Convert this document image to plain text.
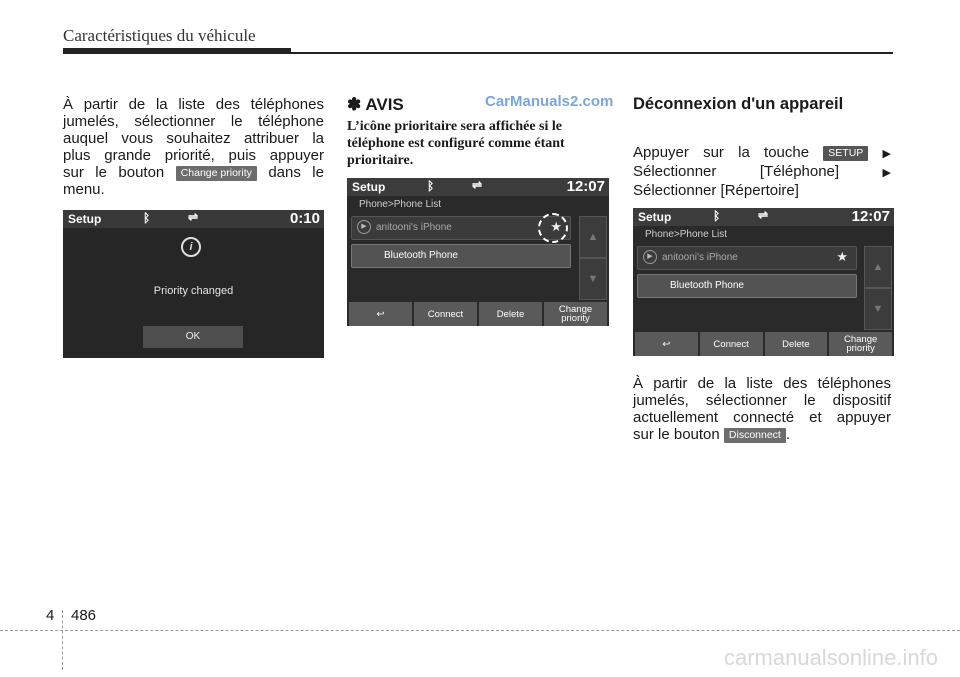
Caractéristiques du véhicule
À partir de la liste des téléphones
jumelés, sélectionner le téléphone
auquel vous souhaitez attribuer la
plus grande priorité, puis appuyer
sur le bouton Change priority dans le
menu.
Setup	ᛒ	⇌	0:10
i
Priority changed
OK
✽ AVIS	CarManuals2.com
L’icône prioritaire sera affichée si le téléphone est configuré comme étant prioritaire.
Setup	ᛒ	⇌	12:07
Phone>Phone List
▶ anitooni's iPhone	★
Bluetooth Phone
▲
▼
↩	Connect	Delete	Change priority
Déconnexion d'un appareil
Appuyer sur la touche SETUP ▶
Sélectionner [Téléphone]	▶
Sélectionner [Répertoire]
Setup	ᛒ	⇌	12:07
Phone>Phone List
▶ anitooni's iPhone	★
Bluetooth Phone
▲
▼
↩	Connect	Delete	Change priority
À partir de la liste des téléphones
jumelés, sélectionner le dispositif
actuellement connecté et appuyer
sur le bouton Disconnect .
4 486
carmanualsonline.info
